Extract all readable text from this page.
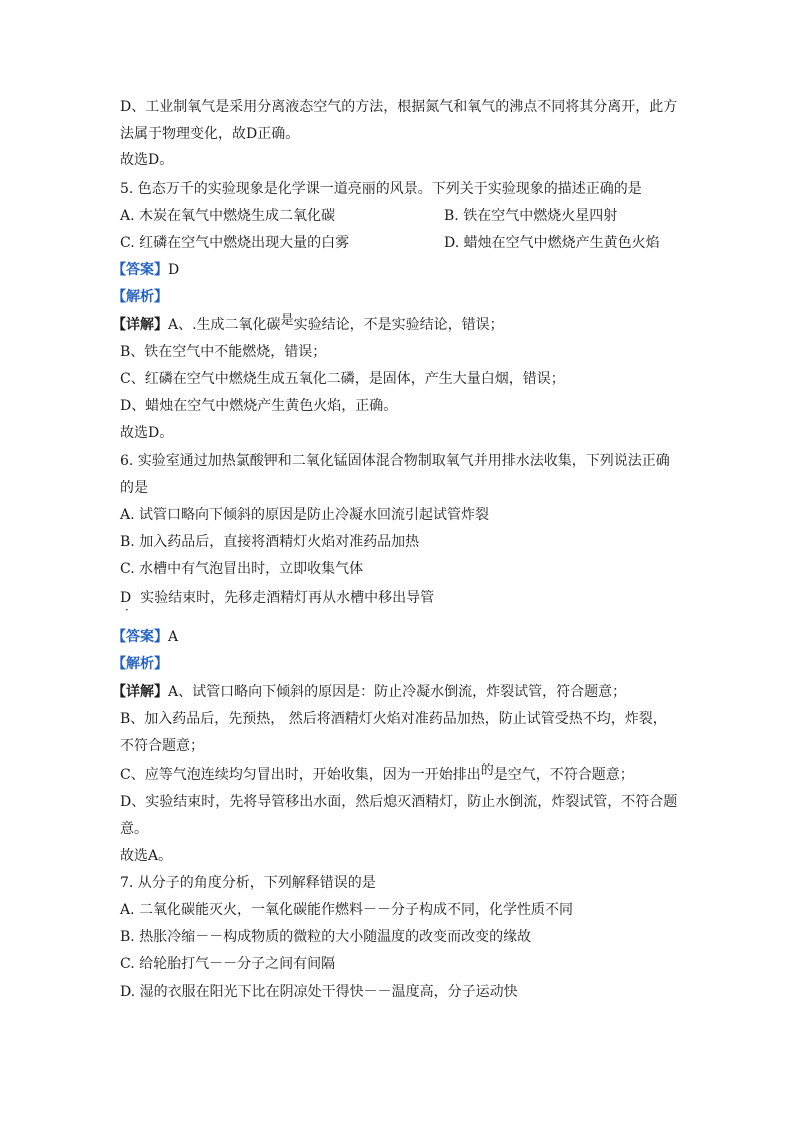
D、工业制氧气是采用分离液态空气的方法，根据氮气和氧气的沸点不同将其分离开，此方
法属于物理变化，故D正确。
故选D。
5. 色态万千的实验现象是化学课一道亮丽的风景。下列关于实验现象的描述正确的是
A. 木炭在氧气中燃烧生成二氧化碳	B. 铁在空气中燃烧火星四射
C. 红磷在空气中燃烧出现大量的白雾	D. 蜡烛在空气中燃烧产生黄色火焰
【答案】D
【解析】
【详解】A、.生成二氧化碳是实验结论，不是实验结论，错误；
B、铁在空气中不能燃烧，错误；
C、红磷在空气中燃烧生成五氧化二磷，是固体，产生大量白烟，错误；
D、蜡烛在空气中燃烧产生黄色火焰，正确。
故选D。
6. 实验室通过加热氯酸钾和二氧化锰固体混合物制取氧气并用排水法收集，下列说法正确
的是
A. 试管口略向下倾斜的原因是防止冷凝水回流引起试管炸裂
B. 加入药品后，直接将酒精灯火焰对准药品加热
C. 水槽中有气泡冒出时，立即收集气体
D 实验结束时，先移走酒精灯再从水槽中移出导管
·
【答案】A
【解析】
【详解】A、试管口略向下倾斜的原因是：防止冷凝水倒流，炸裂试管，符合题意；
B、加入药品后，先预热， 然后将酒精灯火焰对准药品加热，防止试管受热不均，炸裂，
不符合题意；
C、应等气泡连续均匀冒出时，开始收集，因为一开始排出的是空气，不符合题意；
D、实验结束时，先将导管移出水面，然后熄灭酒精灯，防止水倒流，炸裂试管，不符合题
意。
故选A。
7. 从分子的角度分析，下列解释错误的是
A. 二氧化碳能灭火，一氧化碳能作燃料－－分子构成不同，化学性质不同
B. 热胀冷缩－－构成物质的微粒的大小随温度的改变而改变的缘故
C. 给轮胎打气－－分子之间有间隔
D. 湿的衣服在阳光下比在阴凉处干得快－－温度高，分子运动快
